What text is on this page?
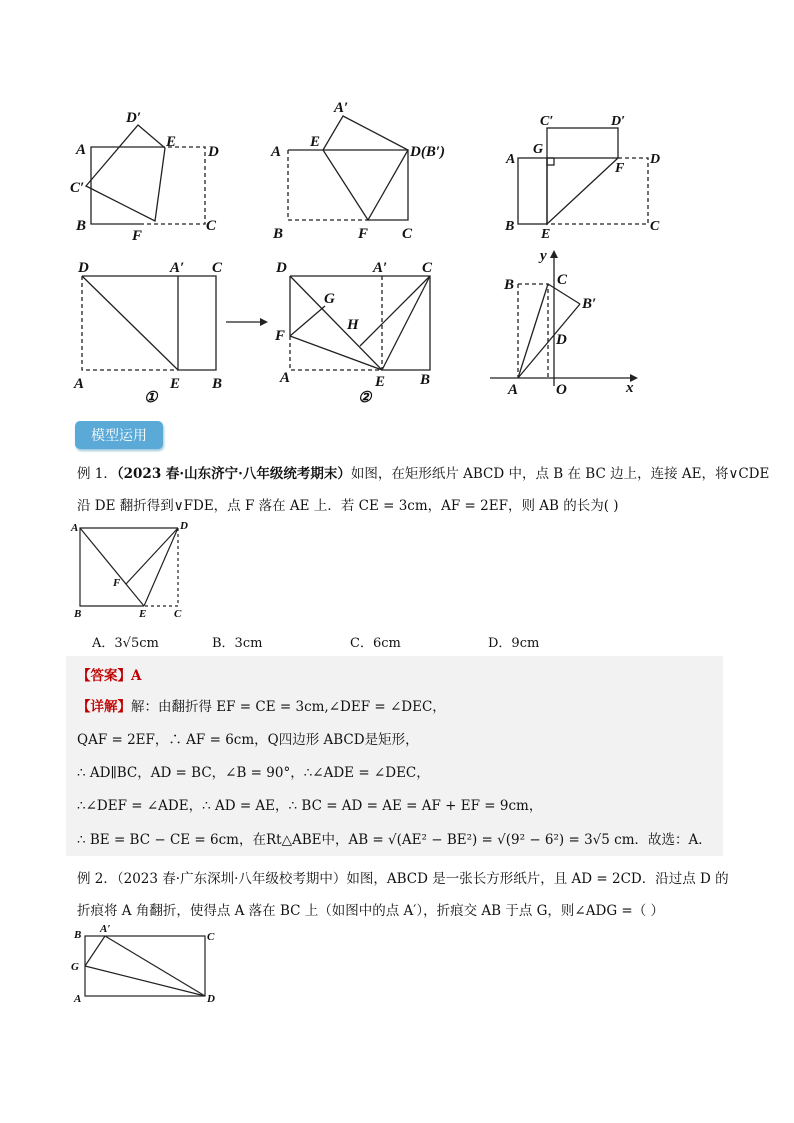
D′
A	E
D
C′
B
F
C
A′
E
A	D(B′)
B	F C
C′	D′
A
G
D
F
B
E
C
D	A′ C
A	E B
①
D	A′ C
G
H
F
A	E B
②
y
B	C
B′
D
A	O	x
模型运用
例 1．（2023 春·山东济宁·八年级统考期末）如图，在矩形纸片 ABCD 中，点 B 在 BC 边上，连接 AE，将∨CDE
沿 DE 翻折得到∨FDE，点 F 落在 AE 上．若 CE = 3cm，AF = 2EF，则 AB 的长为( )
A	D
F
B	E	C
A．3√5cm	B．3cm	C．6cm	D．9cm
【答案】A
【详解】解：由翻折得 EF = CE = 3cm,∠DEF = ∠DEC，
QAF = 2EF，∴ AF = 6cm，Q四边形 ABCD是矩形，
∴ AD∥BC，AD = BC，∠B = 90°，∴∠ADE = ∠DEC，
∴∠DEF = ∠ADE，∴ AD = AE，∴ BC = AD = AE = AF + EF = 9cm，
∴ BE = BC − CE = 6cm，在Rt△ABE中，AB = √(AE² − BE²) = √(9² − 6²) = 3√5 cm．故选：A．
例 2．（2023 春·广东深圳·八年级校考期中）如图，ABCD 是一张长方形纸片，且 AD = 2CD．沿过点 D 的
折痕将 A 角翻折，使得点 A 落在 BC 上（如图中的点 A′），折痕交 AB 于点 G，则∠ADG =（ ）
B A′
C
G
A	D
